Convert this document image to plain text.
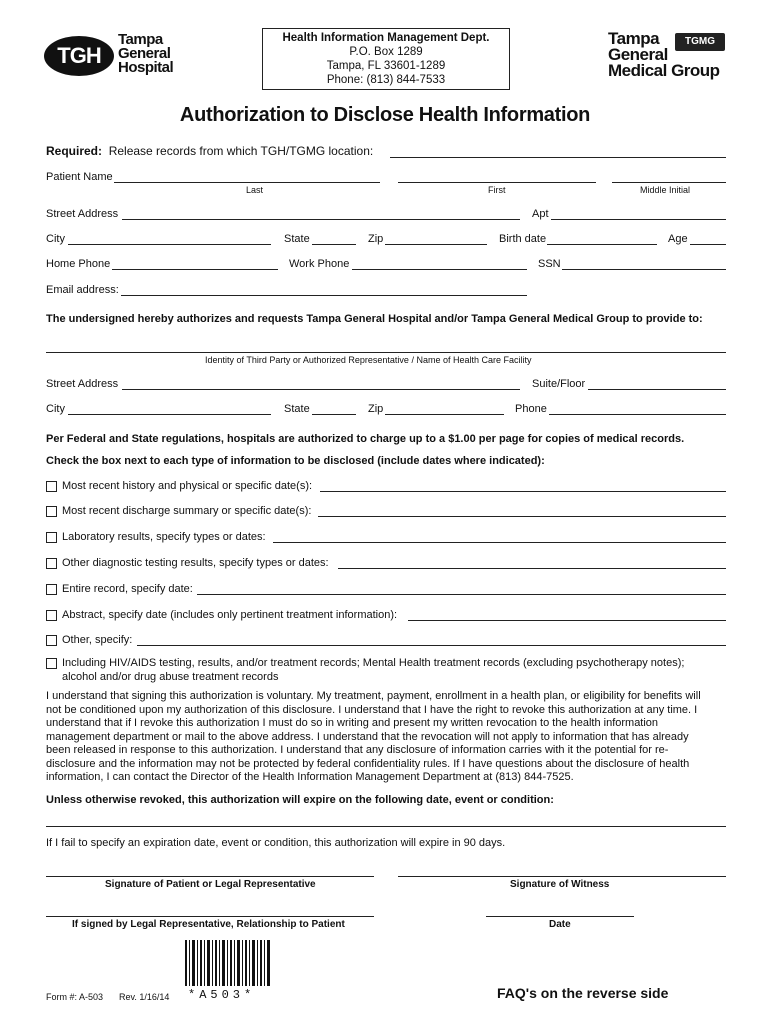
TGH
Tampa
General
Hospital
Health Information Management Dept.
P.O. Box 1289
Tampa, FL 33601-1289
Phone: (813) 844-7533
Tampa
General
Medical Group
TGMG
Authorization to Disclose Health Information
Required: Release records from which TGH/TGMG location:
Patient Name
Last	First	Middle Initial
Street Address	Apt
City	State	Zip	Birth date	Age
Home Phone	Work Phone	SSN
Email address:
The undersigned hereby authorizes and requests Tampa General Hospital and/or Tampa General Medical Group to provide to:
Identity of Third Party or Authorized Representative / Name of Health Care Facility
Street Address	Suite/Floor
City	State	Zip	Phone
Per Federal and State regulations, hospitals are authorized to charge up to a $1.00 per page for copies of medical records.
Check the box next to each type of information to be disclosed (include dates where indicated):
Most recent history and physical or specific date(s):
Most recent discharge summary or specific date(s):
Laboratory results, specify types or dates:
Other diagnostic testing results, specify types or dates:
Entire record, specify date:
Abstract, specify date (includes only pertinent treatment information):
Other, specify:
Including HIV/AIDS testing, results, and/or treatment records; Mental Health treatment records (excluding psychotherapy notes);
alcohol and/or drug abuse treatment records
I understand that signing this authorization is voluntary. My treatment, payment, enrollment in a health plan, or eligibility for benefits will
not be conditioned upon my authorization of this disclosure. I understand that I have the right to revoke this authorization at any time. I
understand that if I revoke this authorization I must do so in writing and present my written revocation to the health information
management department or mail to the above address. I understand that the revocation will not apply to information that has already
been released in response to this authorization. I understand that any disclosure of information carries with it the potential for re-
disclosure and the information may not be protected by federal confidentiality rules. If I have questions about the disclosure of health
information, I can contact the Director of the Health Information Management Department at (813) 844-7525.
Unless otherwise revoked, this authorization will expire on the following date, event or condition:
If I fail to specify an expiration date, event or condition, this authorization will expire in 90 days.
Signature of Patient or Legal Representative	Signature of Witness
If signed by Legal Representative, Relationship to Patient	Date
Form #: A-503 Rev. 1/16/14 *A503*	FAQ's on the reverse side
